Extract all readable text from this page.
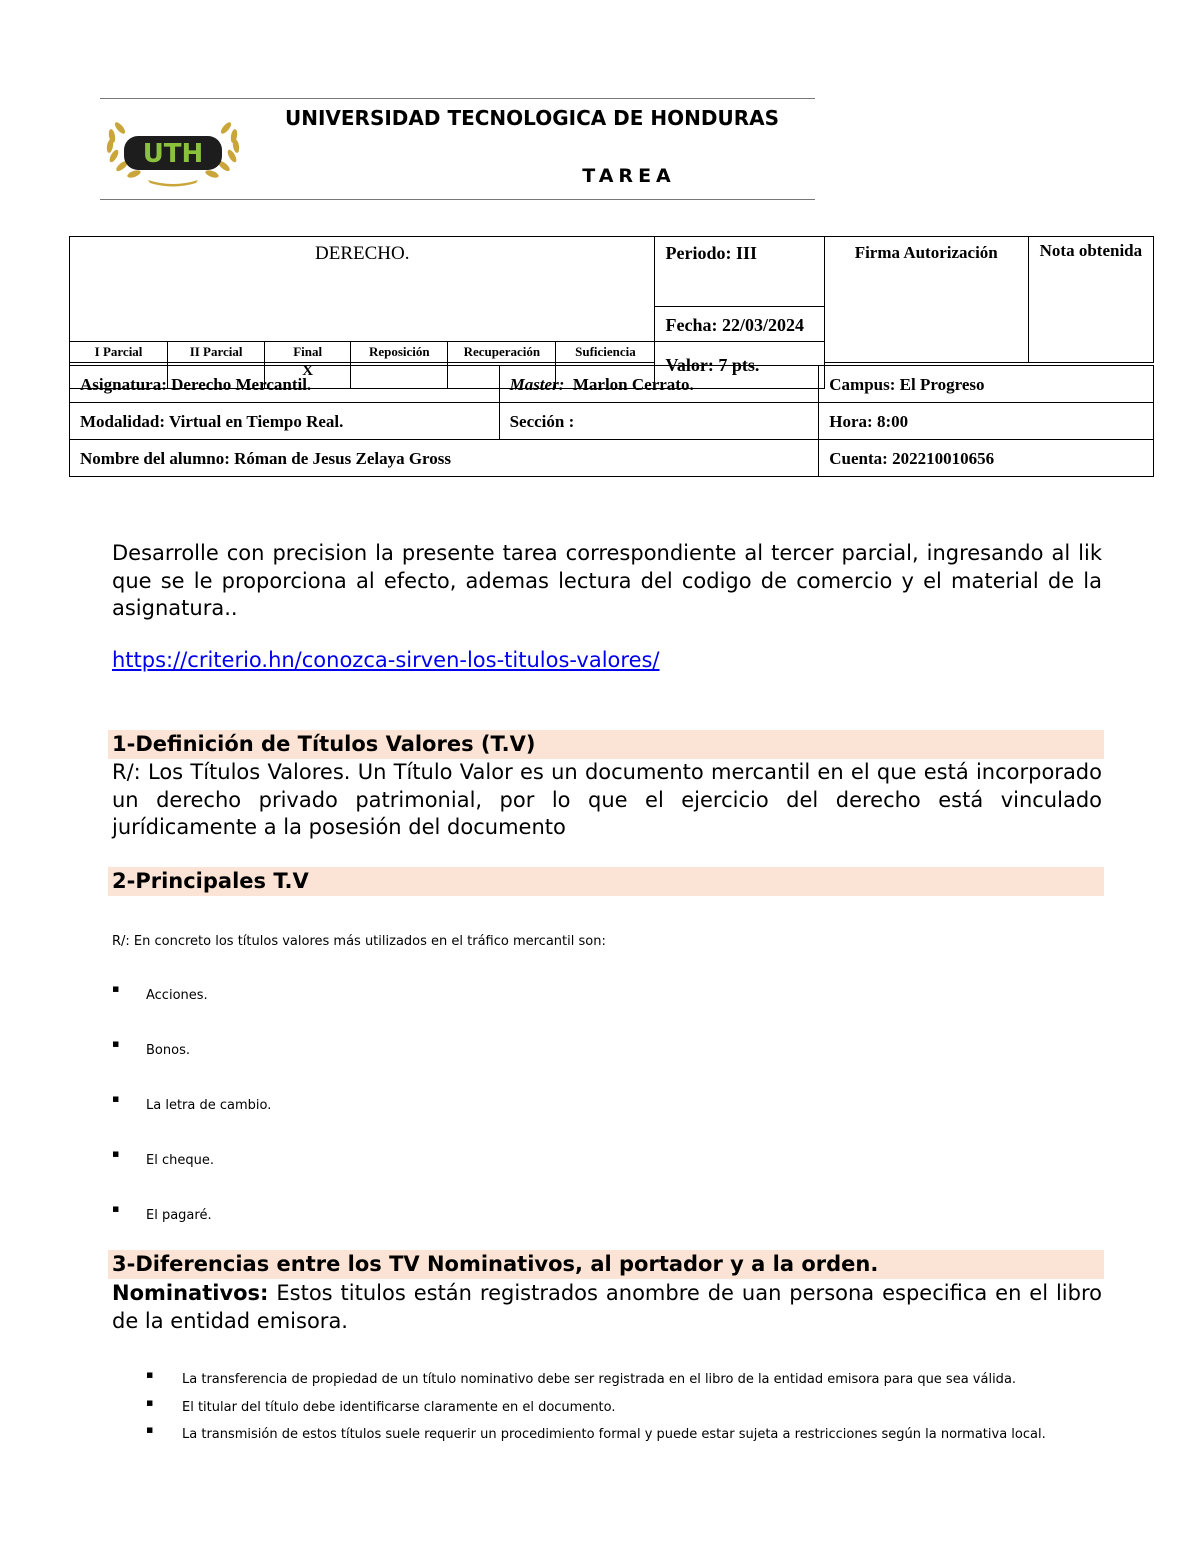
UTH
UNIVERSIDAD TECNOLOGICA DE HONDURAS
TAREA
DERECHO.						Periodo: III	Firma Autorización	Nota obtenida
						Fecha: 22/03/2024		
I Parcial	II Parcial	Final	Reposición	Recuperación	Suficiencia	Valor: 7 pts.		
		X						
Asignatura: Derecho Mercantil.	Master: Marlon Cerrato.	Campus: El Progreso
Modalidad: Virtual en Tiempo Real.	Sección :	Hora: 8:00
Nombre del alumno: Róman de Jesus Zelaya Gross		Cuenta: 202210010656
Desarrolle con precision la presente tarea correspondiente al tercer parcial, ingresando al lik que se le proporciona al efecto, ademas lectura del codigo de comercio y el material de la asignatura..
https://criterio.hn/conozca-sirven-los-titulos-valores/
1-Definición de Títulos Valores (T.V)
R/: Los Títulos Valores. Un Título Valor es un documento mercantil en el que está incorporado un derecho privado patrimonial, por lo que el ejercicio del derecho está vinculado jurídicamente a la posesión del documento
2-Principales T.V
R/: En concreto los títulos valores más utilizados en el tráfico mercantil son:
▪ Acciones.
▪ Bonos.
▪ La letra de cambio.
▪ El cheque.
▪ El pagaré.
3-Diferencias entre los TV Nominativos, al portador y a la orden.
Nominativos: Estos titulos están registrados anombre de uan persona especifica en el libro de la entidad emisora.
▪ La transferencia de propiedad de un título nominativo debe ser registrada en el libro de la entidad emisora para que sea válida.
▪ El titular del título debe identificarse claramente en el documento.
▪ La transmisión de estos títulos suele requerir un procedimiento formal y puede estar sujeta a restricciones según la normativa local.
